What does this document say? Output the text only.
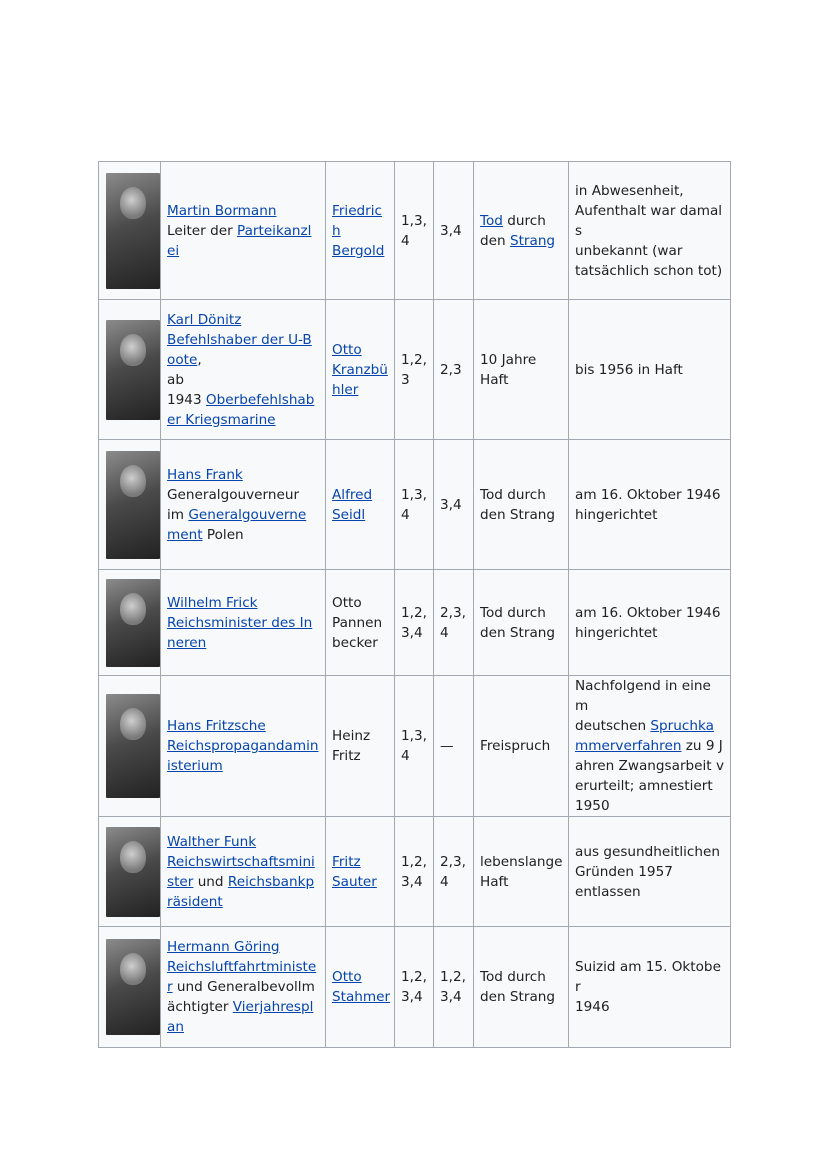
	Martin Bormann
Leiter der Parteikanzlei	Friedric
h
Bergold	1,3,
4	3,4	Tod durch
den Strang	in Abwesenheit,
Aufenthalt war damals
unbekannt (war
tatsächlich schon tot)

	Karl Dönitz
Befehlshaber der U-Boote,
ab
1943 Oberbefehlshaber Kriegsmarine	Otto
Kranzbü
hler	1,2,
3	2,3	10 Jahre
Haft	bis 1956 in Haft

	Hans Frank
Generalgouverneur
im Generalgouvernement Polen	Alfred
Seidl	1,3,
4	3,4	Tod durch
den Strang	am 16. Oktober 1946
hingerichtet

	Wilhelm Frick
Reichsminister des Inneren	Otto
Pannen
becker	1,2,
3,4	2,3,
4	Tod durch
den Strang	am 16. Oktober 1946
hingerichtet

	Hans Fritzsche
Reichspropagandaministerium	Heinz
Fritz	1,3,
4	—	Freispruch	Nachfolgend in einem
deutschen Spruchkammerverfahren zu 9 Jahren Zwangsarbeit verurteilt; amnestiert 1950

	Walther Funk
Reichswirtschaftsminister und Reichsbankpräsident	Fritz
Sauter	1,2,
3,4	2,3,
4	lebenslange
Haft	aus gesundheitlichen
Gründen 1957
entlassen

	Hermann Göring
Reichsluftfahrtminister und Generalbevollmächtigter Vierjahresplan	Otto
Stahmer	1,2,
3,4	1,2,
3,4	Tod durch
den Strang	Suizid am 15. Oktober
1946
